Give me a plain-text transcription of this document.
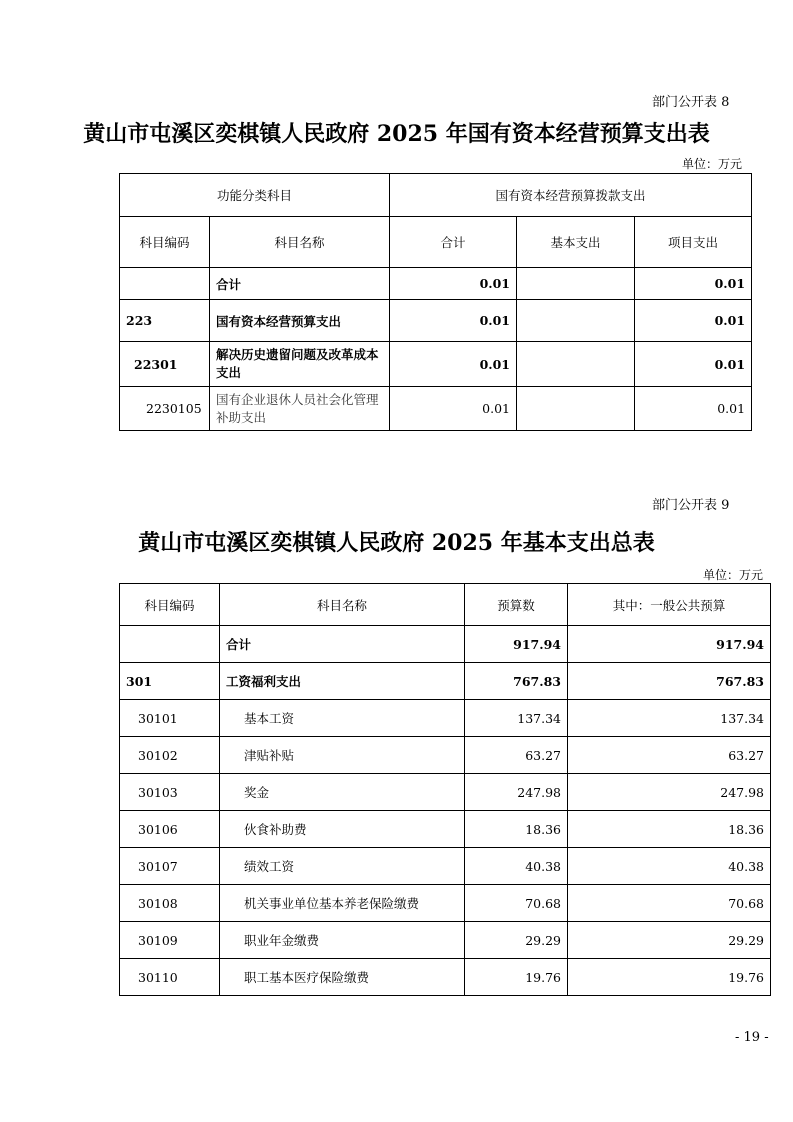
部门公开表 8
黄山市屯溪区奕棋镇人民政府 2025 年国有资本经营预算支出表
单位：万元
功能分类科目		国有资本经营预算拨款支出		
科目编码	科目名称	合计	基本支出	项目支出
	合计	0.01		0.01
223	国有资本经营预算支出	0.01		0.01
22301	解决历史遗留问题及改革成本支出	0.01		0.01
2230105	国有企业退休人员社会化管理补助支出	0.01		0.01
部门公开表 9
黄山市屯溪区奕棋镇人民政府 2025 年基本支出总表
单位：万元
科目编码	科目名称	预算数	其中：一般公共预算
	合计	917.94	917.94
301	工资福利支出	767.83	767.83
30101	基本工资	137.34	137.34
30102	津贴补贴	63.27	63.27
30103	奖金	247.98	247.98
30106	伙食补助费	18.36	18.36
30107	绩效工资	40.38	40.38
30108	机关事业单位基本养老保险缴费	70.68	70.68
30109	职业年金缴费	29.29	29.29
30110	职工基本医疗保险缴费	19.76	19.76
- 19 -
